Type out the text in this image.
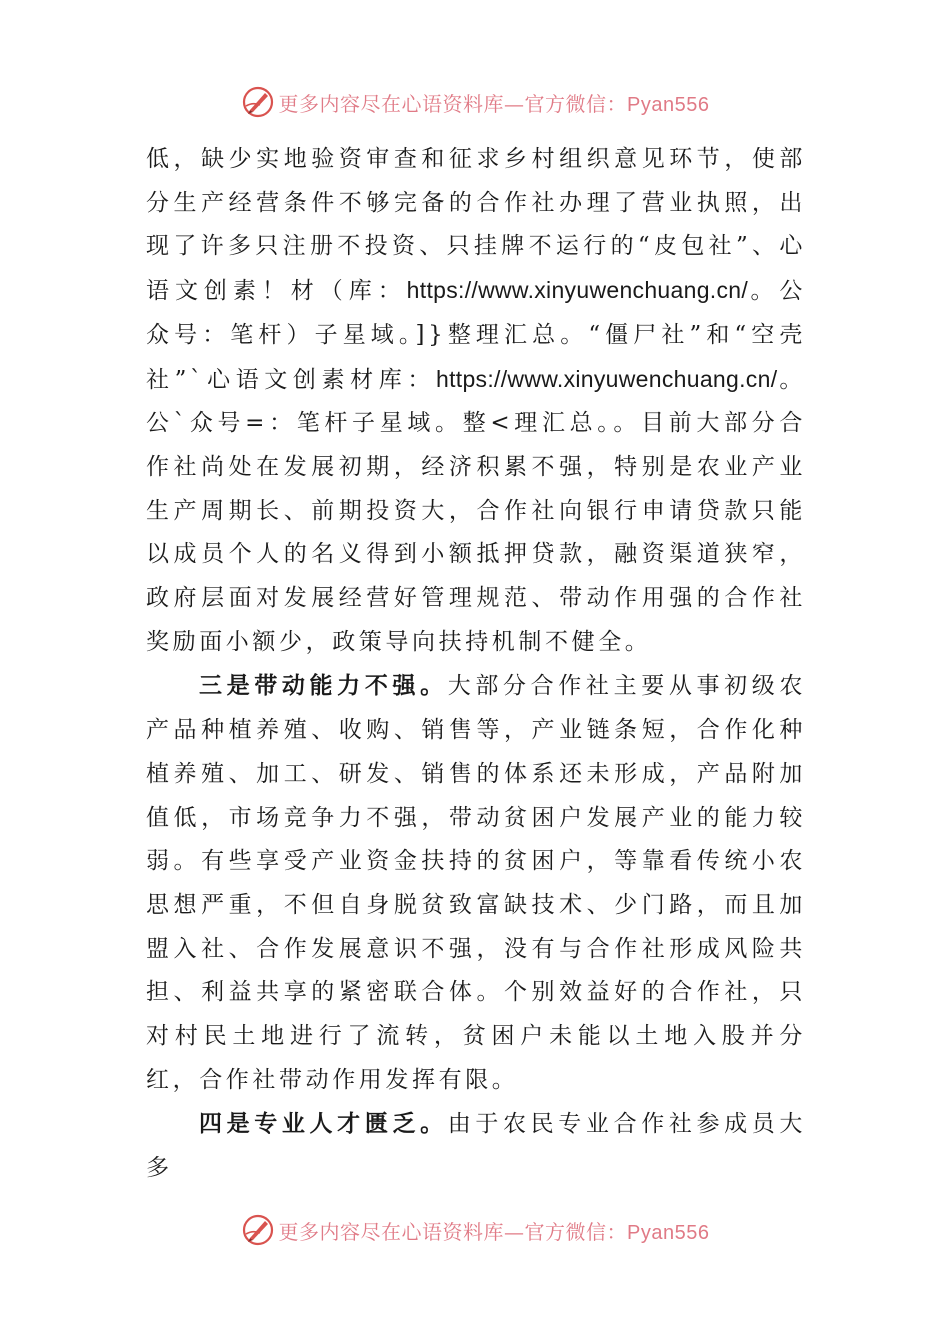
更多内容尽在心语资料库—官方微信：Pyan556

低，缺少实地验资审查和征求乡村组织意见环节，使部分生产经营条件不够完备的合作社办理了营业执照，出现了许多只注册不投资、只挂牌不运行的“皮包社”、心语文创素！材（库：https://www.xinyuwenchuang.cn/。公众号：笔杆）子星域。]}整理汇总。“僵尸社”和“空壳社”`心语文创素材库：https://www.xinyuwenchuang.cn/。公`众号=：笔杆子星域。整<理汇总。。目前大部分合作社尚处在发展初期，经济积累不强，特别是农业产业生产周期长、前期投资大，合作社向银行申请贷款只能以成员个人的名义得到小额抵押贷款，融资渠道狭窄，政府层面对发展经营好管理规范、带动作用强的合作社奖励面小额少，政策导向扶持机制不健全。

三是带动能力不强。大部分合作社主要从事初级农产品种植养殖、收购、销售等，产业链条短，合作化种植养殖、加工、研发、销售的体系还未形成，产品附加值低，市场竞争力不强，带动贫困户发展产业的能力较弱。有些享受产业资金扶持的贫困户，等靠看传统小农思想严重，不但自身脱贫致富缺技术、少门路，而且加盟入社、合作发展意识不强，没有与合作社形成风险共担、利益共享的紧密联合体。个别效益好的合作社，只对村民土地进行了流转，贫困户未能以土地入股并分红，合作社带动作用发挥有限。

四是专业人才匮乏。由于农民专业合作社参成员大多

更多内容尽在心语资料库—官方微信：Pyan556
